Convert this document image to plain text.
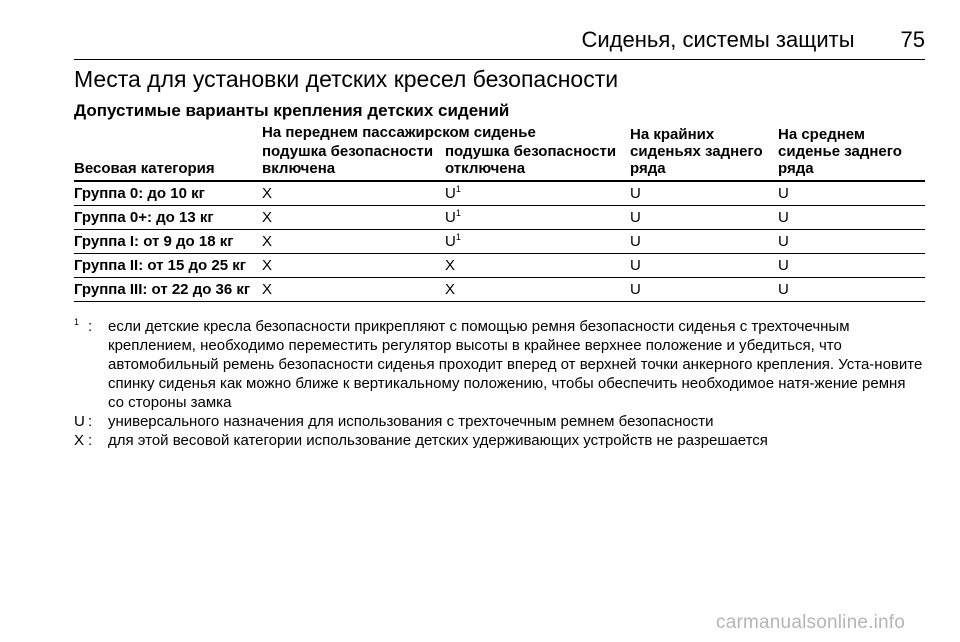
Сиденья, системы защиты 75
Места для установки детских кресел безопасности
Допустимые варианты крепления детских сидений
Весовая категория	На переднем пассажирском сиденье		На крайних сиденьях заднего ряда	На среднем сиденье заднего ряда
	подушка безопасности включена	подушка безопасности отключена		
Группа 0: до 10 кг	X	$U^1$	U	U
Группа 0+: до 13 кг	X	$U^1$	U	U
Группа I: от 9 до 18 кг	X	$U^1$	U	U
Группа II: от 15 до 25 кг	X	X	U	U
Группа III: от 22 до 36 кг	X	X	U	U
$^1$ :	если детские кресла безопасности прикрепляют с помощью ремня безопасности сиденья с трехточечным креплением, необходимо переместить регулятор высоты в крайнее верхнее положение и убедиться, что автомобильный ремень безопасности сиденья проходит вперед от верхней точки анкерного крепления. Уста-новите спинку сиденья как можно ближе к вертикальному положению, чтобы обеспечить необходимое натя-жение ремня со стороны замка
U :	универсального назначения для использования с трехточечным ремнем безопасности
X :	для этой весовой категории использование детских удерживающих устройств не разрешается
carmanualsonline.info
